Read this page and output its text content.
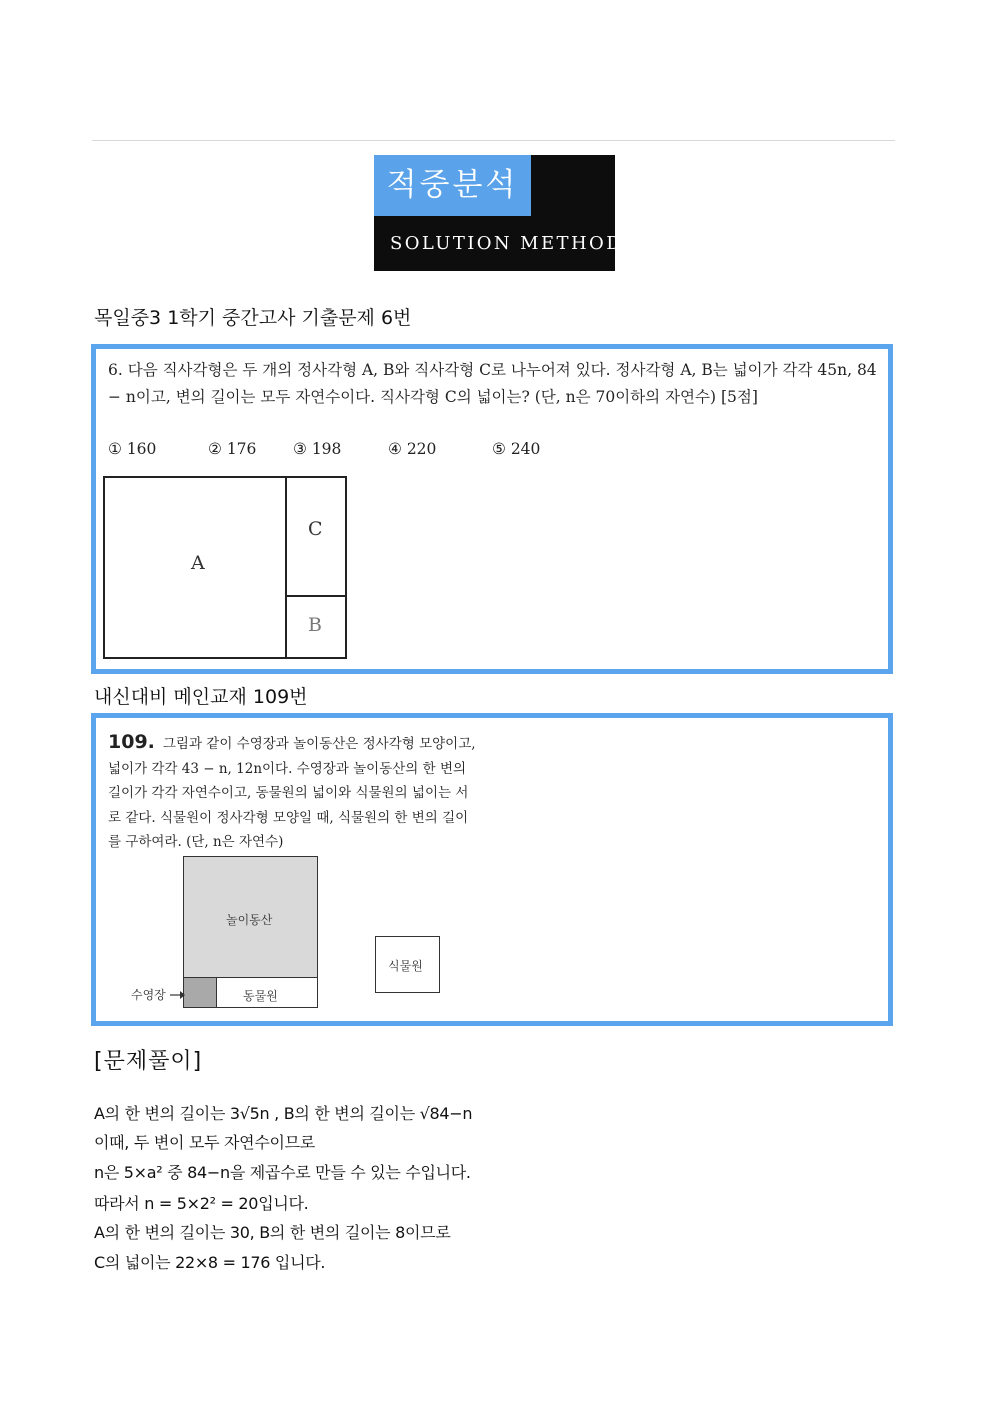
적중분석
SOLUTION METHOD
목일중3 1학기 중간고사 기출문제 6번
6. 다음 직사각형은 두 개의 정사각형 A, B와 직사각형 C로 나누어져 있다. 정사각형 A, B는 넓이가 각각 45n, 84 − n이고, 변의 길이는 모두 자연수이다. 직사각형 C의 넓이는? (단, n은 70이하의 자연수) [5점]
① 160	② 176 ③ 198	④ 220	⑤ 240
A
C
B
내신대비 메인교재 109번
109. 그림과 같이 수영장과 놀이동산은 정사각형 모양이고, 넓이가 각각 43 − n, 12n이다. 수영장과 놀이동산의 한 변의 길이가 각각 자연수이고, 동물원의 넓이와 식물원의 넓이는 서로 같다. 식물원이 정사각형 모양일 때, 식물원의 한 변의 길이를 구하여라. (단, n은 자연수)
놀이동산
동물원
수영장
식물원
[문제풀이]
A의 한 변의 길이는 3√5n , B의 한 변의 길이는 √84−n
이때, 두 변이 모두 자연수이므로
n은 5×a² 중 84−n을 제곱수로 만들 수 있는 수입니다.
따라서 n = 5×2² = 20입니다.
A의 한 변의 길이는 30, B의 한 변의 길이는 8이므로
C의 넓이는 22×8 = 176 입니다.
